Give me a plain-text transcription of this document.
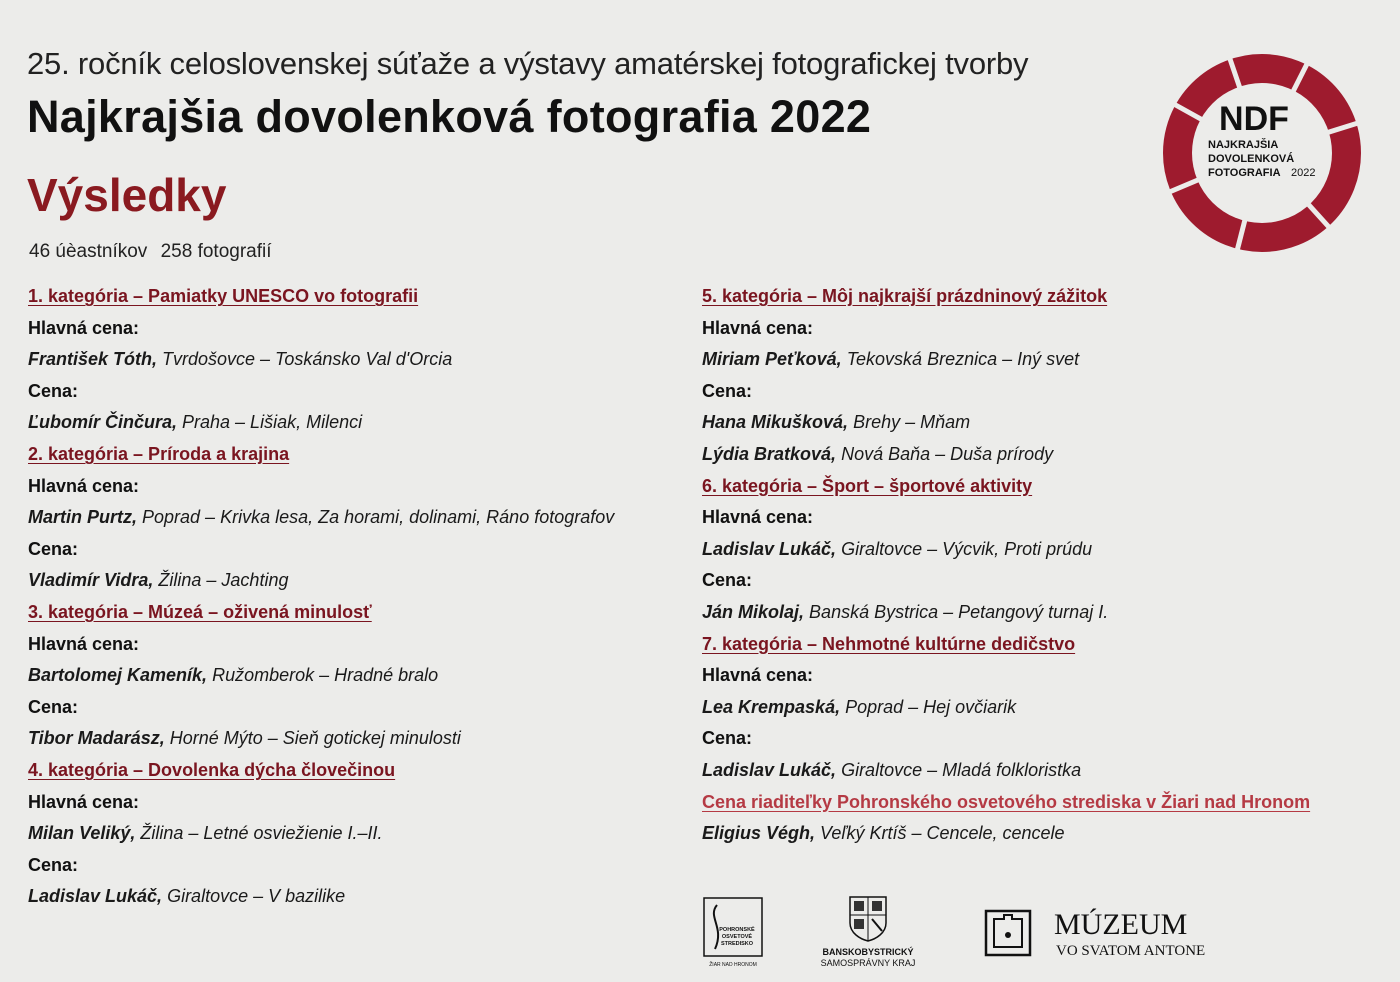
25. ročník celoslovenskej súťaže a výstavy amatérskej fotografickej tvorby
Najkrajšia dovolenková fotografia 2022
Výsledky
46 úèastníkov 258 fotografií
NDF
NAJKRAJŠIA
DOVOLENKOVÁ
FOTOGRAFIA 2022
1. kategória – Pamiatky UNESCO vo fotografii
Hlavná cena:
František Tóth, Tvrdošovce – Toskánsko Val d'Orcia
Cena:
Ľubomír Činčura, Praha – Lišiak, Milenci
2. kategória – Príroda a krajina
Hlavná cena:
Martin Purtz, Poprad – Krivka lesa, Za horami, dolinami, Ráno fotografov
Cena:
Vladimír Vidra, Žilina – Jachting
3. kategória – Múzeá – oživená minulosť
Hlavná cena:
Bartolomej Kameník, Ružomberok – Hradné bralo
Cena:
Tibor Madarász, Horné Mýto – Sieň gotickej minulosti
4. kategória – Dovolenka dýcha človečinou
Hlavná cena:
Milan Veliký, Žilina – Letné osviežienie I.–II.
Cena:
Ladislav Lukáč, Giraltovce – V bazilike
5. kategória – Môj najkrajší prázdninový zážitok
Hlavná cena:
Miriam Peťková, Tekovská Breznica – Iný svet
Cena:
Hana Mikušková, Brehy – Mňam
Lýdia Bratková, Nová Baňa – Duša prírody
6. kategória – Šport – športové aktivity
Hlavná cena:
Ladislav Lukáč, Giraltovce – Výcvik, Proti prúdu
Cena:
Ján Mikolaj, Banská Bystrica – Petangový turnaj I.
7. kategória – Nehmotné kultúrne dedičstvo
Hlavná cena:
Lea Krempaská, Poprad – Hej ovčiarik
Cena:
Ladislav Lukáč, Giraltovce – Mladá folkloristka
Cena riaditeľky Pohronského osvetového strediska v Žiari nad Hronom
Eligius Végh, Veľký Krtíš – Cencele, cencele
POHRONSKÉ
OSVETOVÉ
STREDISKO
ŽIAR NAD HRONOM
BANSKOBYSTRICKÝ
SAMOSPRÁVNY KRAJ
MÚZEUM
VO SVATOM ANTONE
